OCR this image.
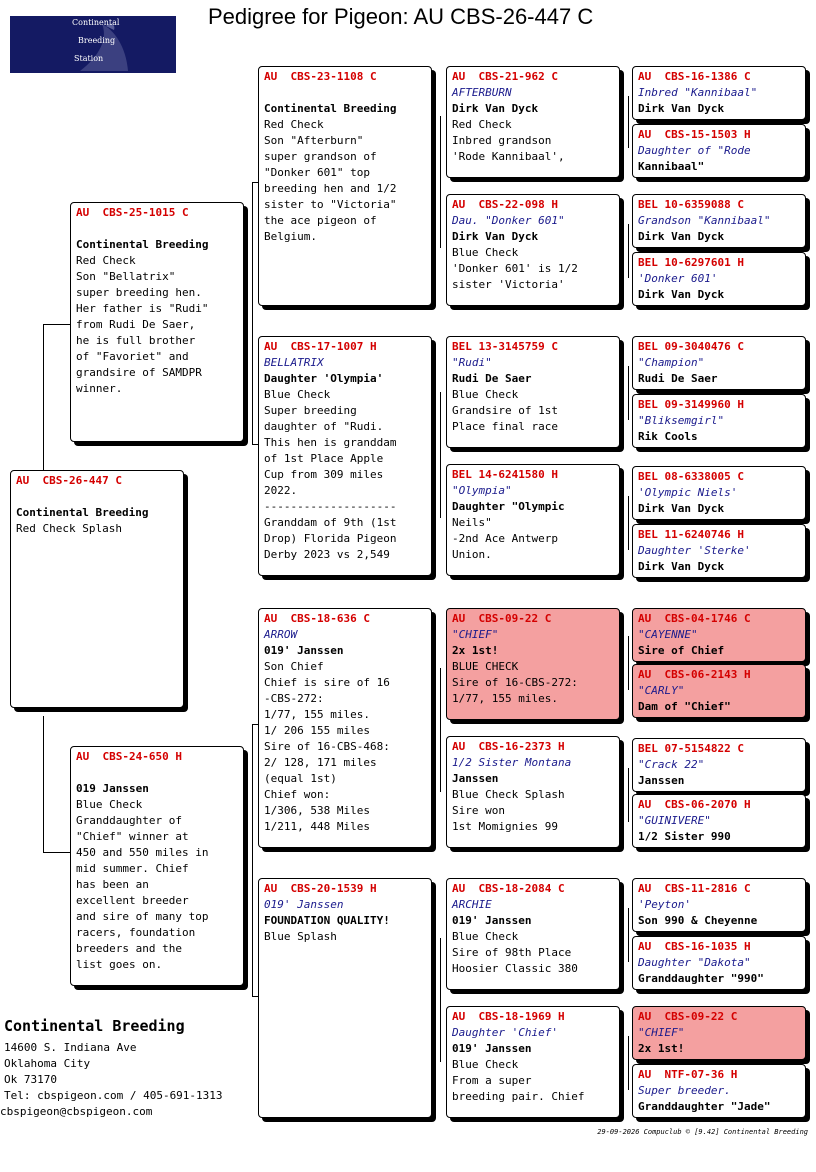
Pedigree for Pigeon: AU CBS-26-447 C
Continental
Breeding
Station
AU  CBS-26-447 C
Continental Breeding
Red Check Splash
AU  CBS-25-1015 C
Continental Breeding
Red Check
Son "Bellatrix"
super breeding hen.
Her father is "Rudi"
from Rudi De Saer,
he is full brother
of "Favoriet" and
grandsire of SAMDPR
winner.
AU  CBS-24-650 H
019 Janssen
Blue Check
Granddaughter of
"Chief" winner at
450 and 550 miles in
mid summer. Chief
has been an
excellent breeder
and sire of many top
racers, foundation
breeders and the
list goes on.
AU  CBS-23-1108 C
Continental Breeding
Red Check
Son "Afterburn"
super grandson of
"Donker 601" top
breeding hen and 1/2
sister to "Victoria"
the ace pigeon of
Belgium.
AU  CBS-17-1007 H
BELLATRIX
Daughter 'Olympia'
Blue Check
Super breeding
daughter of "Rudi.
This hen is granddam
of 1st Place Apple
Cup from 309 miles
2022.
--------------------
Granddam of 9th (1st
Drop) Florida Pigeon
Derby 2023 vs 2,549
AU  CBS-18-636 C
ARROW
019' Janssen
Son Chief
Chief is sire of 16
-CBS-272:
1/77, 155 miles.
1/ 206 155 miles
Sire of 16-CBS-468:
2/ 128, 171 miles
(equal 1st)
Chief won:
1/306, 538 Miles
1/211, 448 Miles
AU  CBS-20-1539 H
019' Janssen
FOUNDATION QUALITY!
Blue Splash
AU  CBS-21-962 C
AFTERBURN
Dirk Van Dyck
Red Check
Inbred grandson
'Rode Kannibaal',
AU  CBS-22-098 H
Dau. "Donker 601"
Dirk Van Dyck
Blue Check
'Donker 601' is 1/2
sister 'Victoria'
BEL 13-3145759 C
"Rudi"
Rudi De Saer
Blue Check
Grandsire of 1st
Place final race
BEL 14-6241580 H
"Olympia"
Daughter "Olympic
Neils"
-2nd Ace Antwerp
Union.
AU  CBS-09-22 C
"CHIEF"
2x 1st!
BLUE CHECK
Sire of 16-CBS-272:
1/77, 155 miles.
AU  CBS-16-2373 H
1/2 Sister Montana
Janssen
Blue Check Splash
Sire won
1st Momignies 99
AU  CBS-18-2084 C
ARCHIE
019' Janssen
Blue Check
Sire of 98th Place
Hoosier Classic 380
AU  CBS-18-1969 H
Daughter 'Chief'
019' Janssen
Blue Check
From a super
breeding pair. Chief
AU  CBS-16-1386 C
Inbred "Kannibaal"
Dirk Van Dyck
AU  CBS-15-1503 H
Daughter of "Rode
Kannibaal"
BEL 10-6359088 C
Grandson "Kannibaal"
Dirk Van Dyck
BEL 10-6297601 H
'Donker 601'
Dirk Van Dyck
BEL 09-3040476 C
"Champion"
Rudi De Saer
BEL 09-3149960 H
"Bliksemgirl"
Rik Cools
BEL 08-6338005 C
'Olympic Niels'
Dirk Van Dyck
BEL 11-6240746 H
Daughter 'Sterke'
Dirk Van Dyck
AU  CBS-04-1746 C
"CAYENNE"
Sire of Chief
AU  CBS-06-2143 H
"CARLY"
Dam of "Chief"
BEL 07-5154822 C
"Crack 22"
Janssen
AU  CBS-06-2070 H
"GUINIVERE"
1/2 Sister 990
AU  CBS-11-2816 C
'Peyton'
Son 990 & Cheyenne
AU  CBS-16-1035 H
Daughter "Dakota"
Granddaughter "990"
AU  CBS-09-22 C
"CHIEF"
2x 1st!
AU  NTF-07-36 H
Super breeder.
Granddaughter "Jade"
Continental Breeding
14600 S. Indiana Ave
Oklahoma City
Ok 73170
Tel: cbspigeon.com / 405-691-1313
cbspigeon@cbspigeon.com
29-09-2026 Compuclub © [9.42] Continental Breeding
